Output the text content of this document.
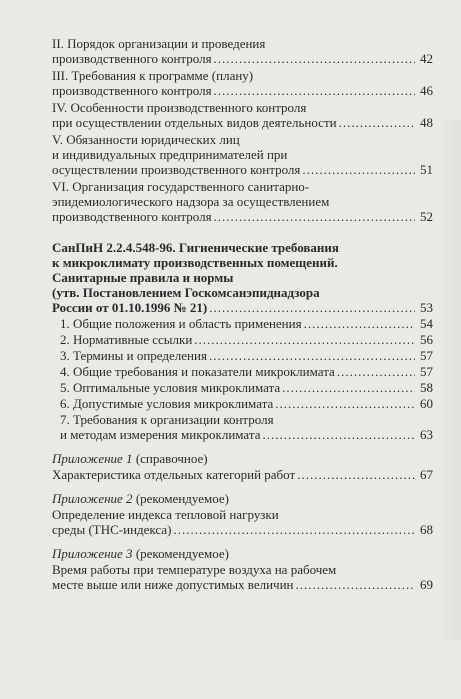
II. Порядок организации и проведения
производственного контроля .....	42
III. Требования к программе (плану)
производственного контроля .....	46
IV. Особенности производственного контроля
при осуществлении отдельных видов деятельности .....	48
V. Обязанности юридических лиц
и индивидуальных предпринимателей при
осуществлении производственного контроля .....	51
VI. Организация государственного санитарно-
эпидемиологического надзора за осуществлением
производственного контроля .....	52
СанПиН 2.2.4.548-96. Гигиенические требования
к микроклимату производственных помещений.
Санитарные правила и нормы
(утв. Постановлением Госкомсанэпиднадзора
России от 01.10.1996 № 21) .....	53
1. Общие положения и область применения .....	54
2. Нормативные ссылки .....	56
3. Термины и определения .....	57
4. Общие требования и показатели микроклимата .....	57
5. Оптимальные условия микроклимата .....	58
6. Допустимые условия микроклимата .....	60
7. Требования к организации контроля
и методам измерения микроклимата .....	63
Приложение 1 (справочное)
Характеристика отдельных категорий работ .....	67
Приложение 2 (рекомендуемое)
Определение индекса тепловой нагрузки
среды (ТНС-индекса) .....	68
Приложение 3 (рекомендуемое)
Время работы при температуре воздуха на рабочем
месте выше или ниже допустимых величин .....	69
